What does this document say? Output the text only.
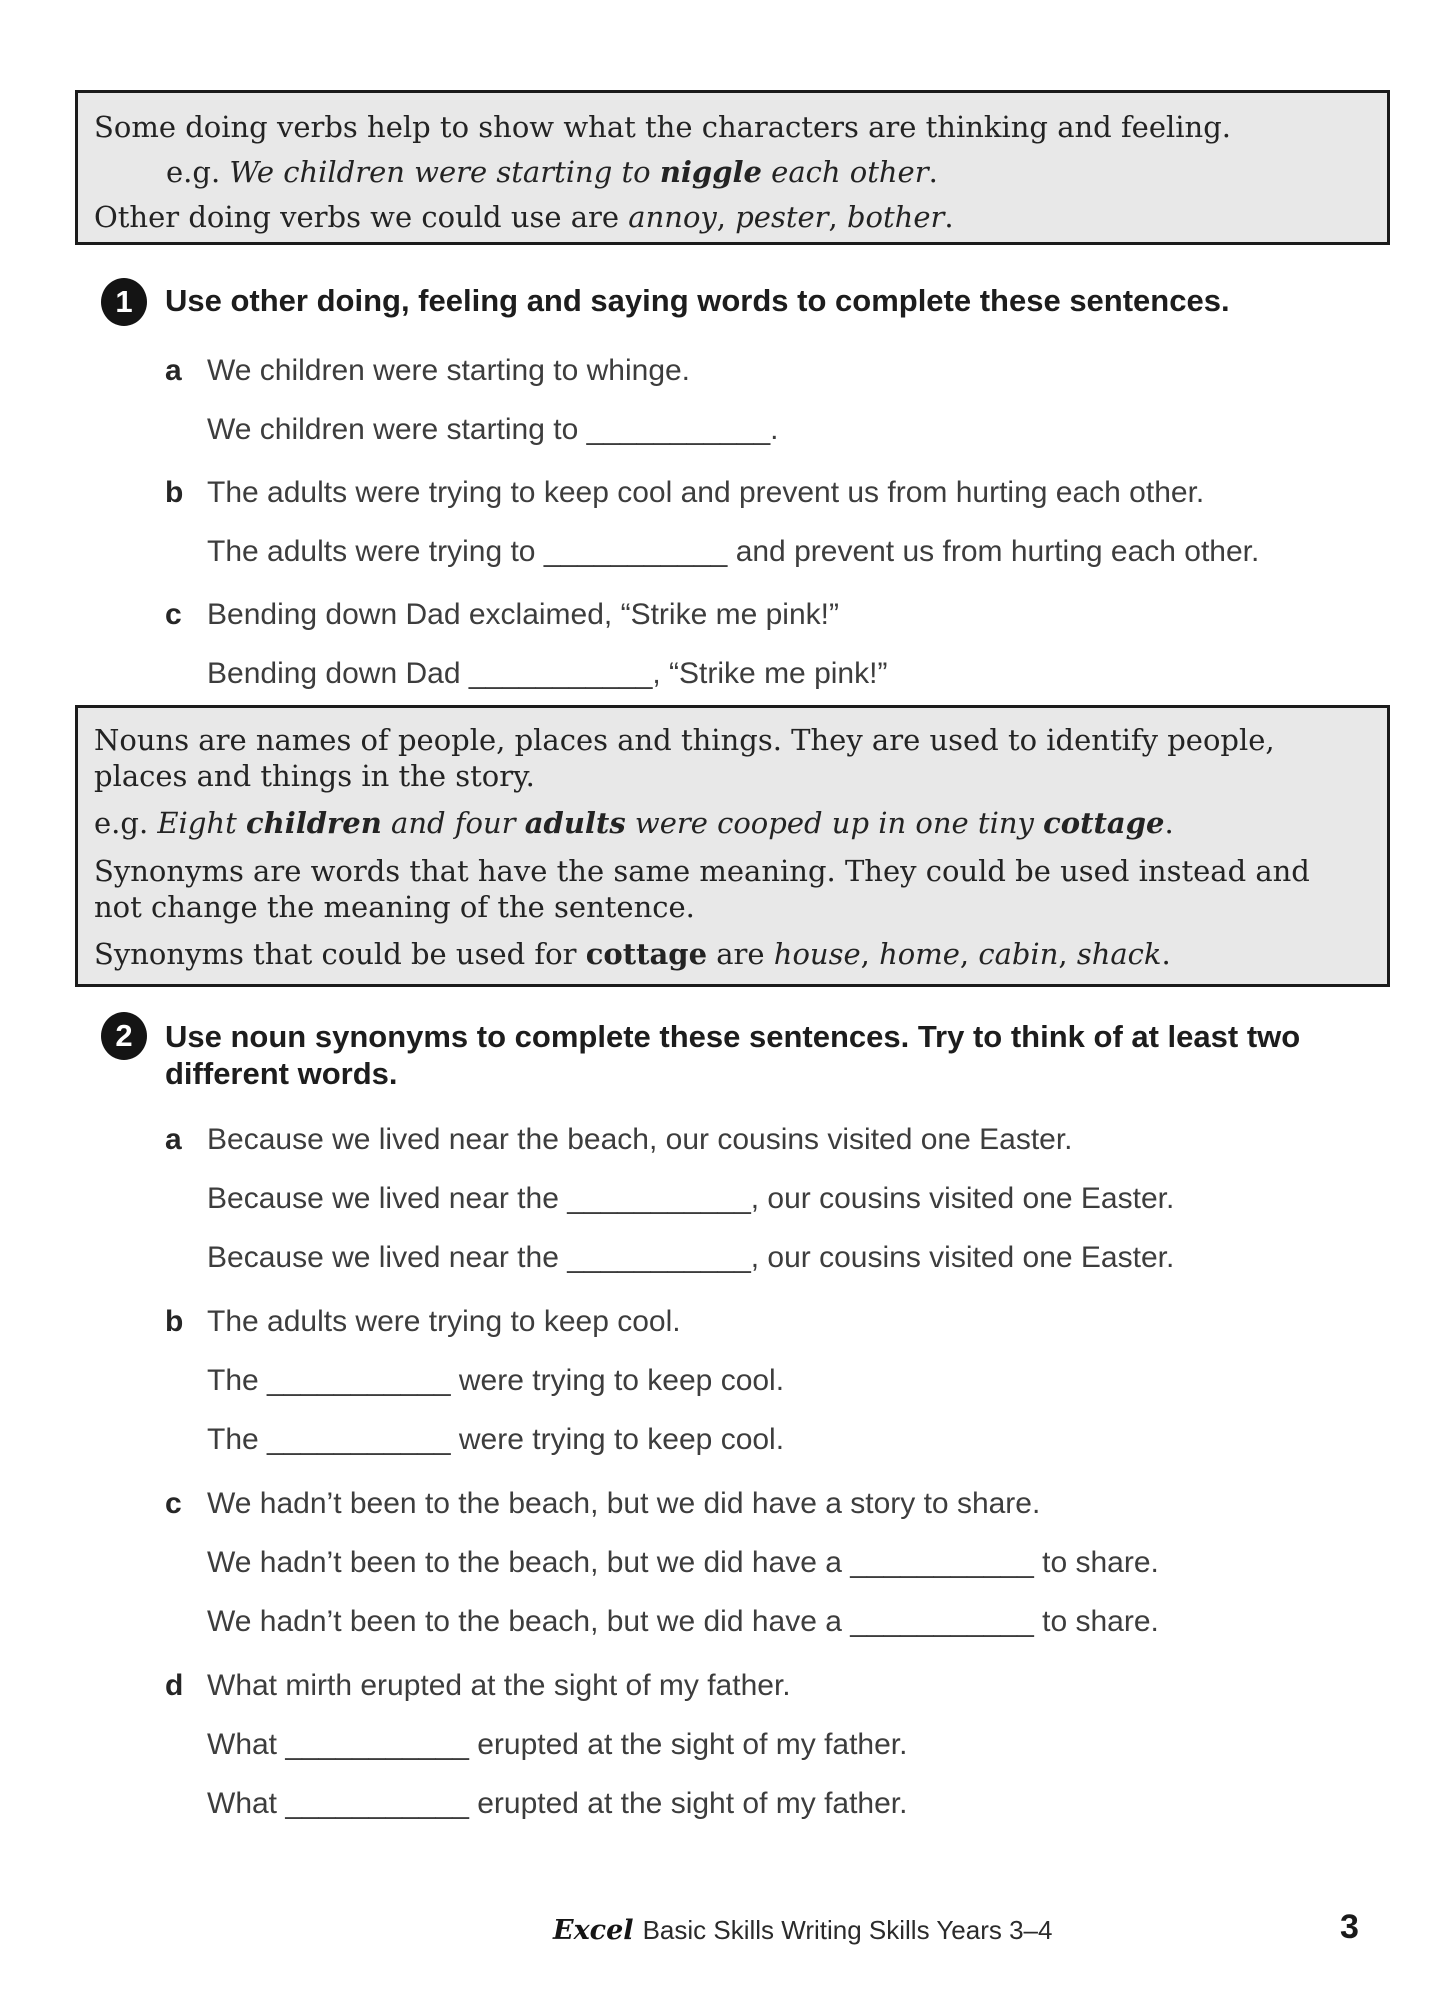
Some doing verbs help to show what the characters are thinking and feeling.
e.g. We children were starting to niggle each other.
Other doing verbs we could use are annoy, pester, bother.
1 Use other doing, feeling and saying words to complete these sentences.
a We children were starting to whinge.
We children were starting to ___________.
b The adults were trying to keep cool and prevent us from hurting each other.
The adults were trying to ___________ and prevent us from hurting each other.
c Bending down Dad exclaimed, “Strike me pink!”
Bending down Dad ___________, “Strike me pink!”
Nouns are names of people, places and things. They are used to identify people,
places and things in the story.
e.g. Eight children and four adults were cooped up in one tiny cottage.
Synonyms are words that have the same meaning. They could be used instead and
not change the meaning of the sentence.
Synonyms that could be used for cottage are house, home, cabin, shack.
2 Use noun synonyms to complete these sentences. Try to think of at least two
different words.
a Because we lived near the beach, our cousins visited one Easter.
Because we lived near the ___________, our cousins visited one Easter.
Because we lived near the ___________, our cousins visited one Easter.
b The adults were trying to keep cool.
The ___________ were trying to keep cool.
The ___________ were trying to keep cool.
c We hadn’t been to the beach, but we did have a story to share.
We hadn’t been to the beach, but we did have a ___________ to share.
We hadn’t been to the beach, but we did have a ___________ to share.
d What mirth erupted at the sight of my father.
What ___________ erupted at the sight of my father.
What ___________ erupted at the sight of my father.
Excel Basic Skills Writing Skills Years 3–4	3
